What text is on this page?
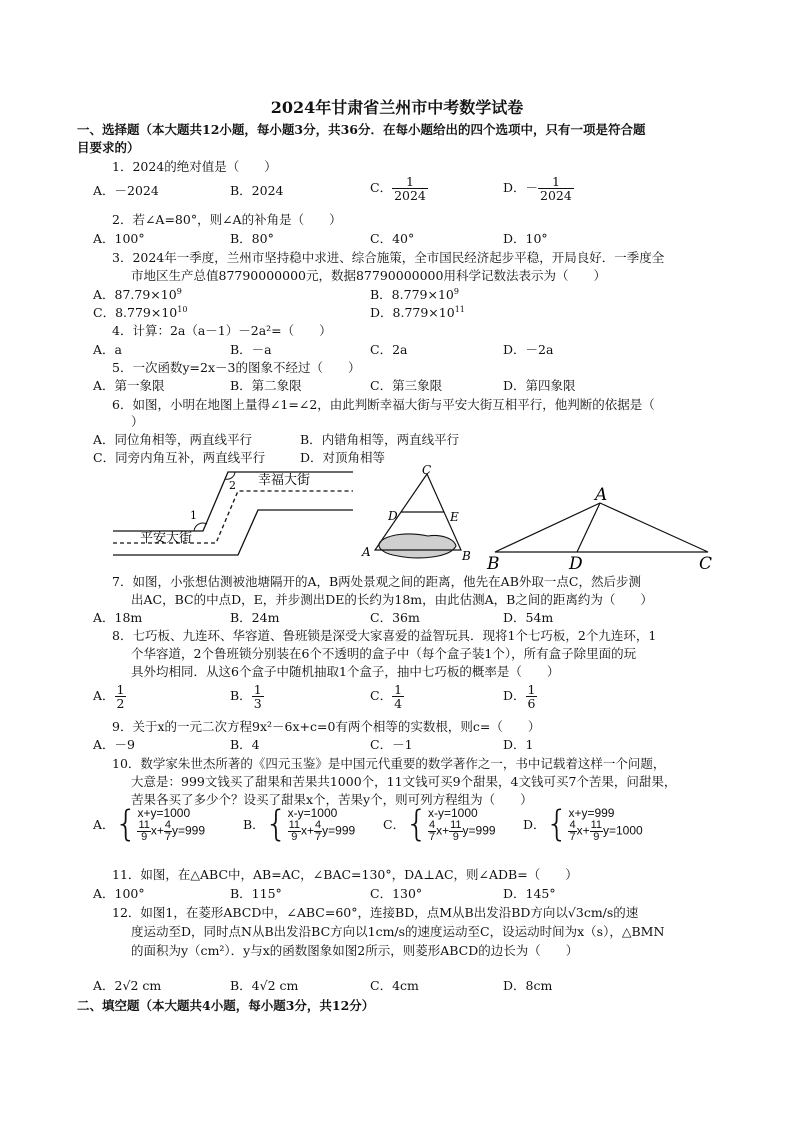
2024年甘肃省兰州市中考数学试卷
一、选择题（本大题共12小题，每小题3分，共36分．在每小题给出的四个选项中，只有一项是符合题
目要求的）
1．2024的绝对值是（　　）
A．－2024	B．2024	C． $\frac{1}{2024}$	D．－ $\frac{1}{2024}$
2．若∠A=80°，则∠A的补角是（　　）
A．100°	B．80°	C．40°	D．10°
3．2024年一季度，兰州市坚持稳中求进、综合施策，全市国民经济起步平稳，开局良好．一季度全
市地区生产总值87790000000元，数据87790000000用科学记数法表示为（　　）
A．$87.79\times 10^9$	B．$8.779\times 10^9$
C．$8.779\times 10^{10}$	D．$8.779\times 10^{11}$
4．计算：2a（a－1）－2a²=（　　）
A．a	B．－a	C．2a	D．－2a
5．一次函数y=2x－3的图象不经过（　　）
A．第一象限	B．第二象限	C．第三象限	D．第四象限
6．如图，小明在地图上量得∠1=∠2，由此判断幸福大街与平安大街互相平行，他判断的依据是（
）
A．同位角相等，两直线平行	B．内错角相等，两直线平行
C．同旁内角互补，两直线平行	D．对顶角相等
1
2 幸福大街
平安大街
C
D	E
A	B
A
B	D	C
7．如图，小张想估测被池塘隔开的A，B两处景观之间的距离，他先在AB外取一点C，然后步测
出AC，BC的中点D，E，并步测出DE的长约为18m，由此估测A，B之间的距离约为（　　）
A．18m	B．24m	C．36m	D．54m
8．七巧板、九连环、华容道、鲁班锁是深受大家喜爱的益智玩具．现将1个七巧板，2个九连环，1
个华容道，2个鲁班锁分别装在6个不透明的盒子中（每个盒子装1个），所有盒子除里面的玩
具外均相同．从这6个盒子中随机抽取1个盒子，抽中七巧板的概率是（　　）
A． $\frac{1}{2}$	B． $\frac{1}{3}$	C． $\frac{1}{4}$	D． $\frac{1}{6}$
9．关于x的一元二次方程9x²－6x+c=0有两个相等的实数根，则c=（　　）
A．－9	B．4	C．－1	D．1
10．数学家朱世杰所著的《四元玉鉴》是中国元代重要的数学著作之一，书中记载着这样一个问题，
大意是：999文钱买了甜果和苦果共1000个，11文钱可买9个甜果，4文钱可买7个苦果，问甜果，
苦果各买了多少个？设买了甜果x个，苦果y个，则可列方程组为（　　）
A．{ x+y=1000
$\frac{11}{9} x+ \frac{4}{7} y=999$	B．{ x-y=1000
$\frac{11}{9} x+ \frac{4}{7} y=999$ C．{ x-y=1000
$\frac{4}{7} x+ \frac{11}{9} y=999$ D．{ x+y=999
$\frac{4}{7} x+ \frac{11}{9} y=1000$
11．如图，在△ABC中，AB=AC，∠BAC=130°，DA⊥AC，则∠ADB=（　　）
A．100°	B．115°	C．130°	D．145°
12．如图1，在菱形ABCD中，∠ABC=60°，连接BD，点M从B出发沿BD方向以√3cm/s的速
度运动至D，同时点N从B出发沿BC方向以1cm/s的速度运动至C，设运动时间为x（s），△BMN
的面积为y（cm²）．y与x的函数图象如图2所示，则菱形ABCD的边长为（　　）
A．2√2 cm	B．4√2 cm	C．4cm	D．8cm
二、填空题（本大题共4小题，每小题3分，共12分）
